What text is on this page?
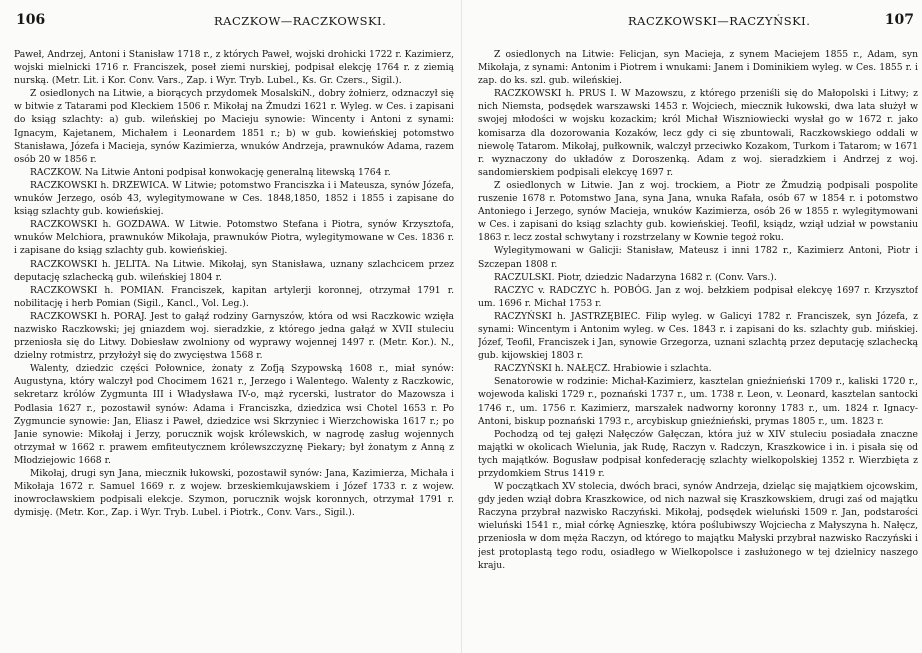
106	RACZKOW—RACZKOWSKI.

Paweł, Andrzej, Antoni i Stanisław 1718 r., z których Paweł, wojski drohicki 1722 r. Kazimierz, wojski mielnicki 1716 r. Franciszek, poseł ziemi nurskiej, podpisał elekcję 1764 r. z ziemią nurską. (Metr. Lit. i Kor. Conv. Vars., Zap. i Wyr. Tryb. Lubel., Ks. Gr. Czers., Sigil.).

Z osiedlonych na Litwie, a biorących przydomek MosalskiN., dobry żołnierz, odznaczył się w bitwie z Tatarami pod Kleckiem 1506 r. Mikołaj na Żmudzi 1621 r. Wyleg. w Ces. i zapisani do ksiąg szlachty: a) gub. wileńskiej po Macieju synowie: Wincenty i Antoni z synami: Ignacym, Kajetanem, Michałem i Leonardem 1851 r.; b) w gub. kowieńskiej potomstwo Stanisława, Józefa i Macieja, synów Kazimierza, wnuków Andrzeja, prawnuków Adama, razem osób 20 w 1856 r.

RACZKOW. Na Litwie Antoni podpisał konwokację generalną litewską 1764 r.

RACZKOWSKI h. DRZEWICA. W Litwie; potomstwo Franciszka i i Mateusza, synów Józefa, wnuków Jerzego, osób 43, wylegitymowane w Ces. 1848,1850, 1852 i 1855 i zapisane do ksiąg szlachty gub. kowieńskiej.

RACZKOWSKI h. GOZDAWA. W Litwie. Potomstwo Stefana i Piotra, synów Krzysztofa, wnuków Melchiora, prawnuków Mikołaja, prawnuków Piotra, wylegitymowane w Ces. 1836 r. i zapisane do ksiąg szlachty gub. kowieńskiej.

RACZKOWSKI h. JELITA. Na Litwie. Mikołaj, syn Stanisława, uznany szlachcicem przez deputację szlachecką gub. wileńskiej 1804 r.

RACZKOWSKI h. POMIAN. Franciszek, kapitan artylerji koronnej, otrzymał 1791 r. nobilitację i herb Pomian (Sigil., Kancl., Vol. Leg.).

RACZKOWSKI h. PORAJ. Jest to gałąź rodziny Garnyszów, która od wsi Raczkowic wzięła nazwisko Raczkowski; jej gniazdem woj. sieradzkie, z którego jedna gałąź w XVII stuleciu przeniosła się do Litwy. Dobiesław zwolniony od wyprawy wojennej 1497 r. (Metr. Kor.). N., dzielny rotmistrz, przyłożył się do zwycięstwa 1568 r.

Walenty, dziedzic części Połownice, żonaty z Zofją Szypowską 1608 r., miał synów: Augustyna, który walczył pod Chocimem 1621 r., Jerzego i Walentego. Walenty z Raczkowic, sekretarz królów Zygmunta III i Władysława IV-o, mąż rycerski, lustrator do Mazowsza i Podlasia 1627 r., pozostawił synów: Adama i Franciszka, dziedzica wsi Chotel 1653 r. Po Zygmuncie synowie: Jan, Eliasz i Paweł, dziedzice wsi Skrzyniec i Wierzchowiska 1617 r.; po Janie synowie: Mikołaj i Jerzy, porucznik wojsk królewskich, w nagrodę zasług wojennych otrzymał w 1662 r. prawem emfiteutycznem królewszczyznę Piekary; był żonatym z Anną z Młodziejowic 1668 r.

Mikołaj, drugi syn Jana, miecznik łukowski, pozostawił synów: Jana, Kazimierza, Michała i Mikołaja 1672 r. Samuel 1669 r. z wojew. brzeskiemkujawskiem i Józef 1733 r. z wojew. inowrocławskiem podpisali elekcje. Szymon, porucznik wojsk koronnych, otrzymał 1791 r. dymisję. (Metr. Kor., Zap. i Wyr. Tryb. Lubel. i Piotrk., Conv. Vars., Sigil.).

RACZKOWSKI—RACZYŃSKI.	107

Z osiedlonych na Litwie: Felicjan, syn Macieja, z synem Maciejem 1855 r., Adam, syn Mikołaja, z synami: Antonim i Piotrem i wnukami: Janem i Dominikiem wyleg. w Ces. 1855 r. i zap. do ks. szl. gub. wileńskiej.

RACZKOWSKI h. PRUS I. W Mazowszu, z którego przeniśli się do Małopolski i Litwy; z nich Niemsta, podsędek warszawski 1453 r. Wojciech, miecznik łukowski, dwa lata służył w swojej młodości w wojsku kozackim; król Michał Wiszniowiecki wysłał go w 1672 r. jako komisarza dla dozorowania Kozaków, lecz gdy ci się zbuntowali, Raczkowskiego oddali w niewolę Tatarom. Mikołaj, pułkownik, walczył przeciwko Kozakom, Turkom i Tatarom; w 1671 r. wyznaczony do układów z Doroszenką. Adam z woj. sieradzkiem i Andrzej z woj. sandomierskiem podpisali elekcyę 1697 r.

Z osiedlonych w Litwie. Jan z woj. trockiem, a Piotr ze Żmudzią podpisali pospolite ruszenie 1678 r. Potomstwo Jana, syna Jana, wnuka Rafała, osób 67 w 1854 r. i potomstwo Antoniego i Jerzego, synów Macieja, wnuków Kazimierza, osób 26 w 1855 r. wylegitymowani w Ces. i zapisani do ksiąg szlachty gub. kowieńskiej. Teofil, ksiądz, wziął udział w powstaniu 1863 r. lecz został schwytany i rozstrzelany w Kownie tegoż roku.

Wylegitymowani w Galicji: Stanisław, Mateusz i inni 1782 r., Kazimierz Antoni, Piotr i Szczepan 1808 r.

RACZULSKI. Piotr, dziedzic Nadarzyna 1682 r. (Conv. Vars.).

RACZYC v. RADCZYC h. POBÓG. Jan z woj. bełzkiem podpisał elekcyę 1697 r. Krzysztof um. 1696 r. Michał 1753 r.

RACZYŃSKI h. JASTRZĘBIEC. Filip wyleg. w Galicyi 1782 r. Franciszek, syn Józefa, z synami: Wincentym i Antonim wyleg. w Ces. 1843 r. i zapisani do ks. szlachty gub. mińskiej. Józef, Teofil, Franciszek i Jan, synowie Grzegorza, uznani szlachtą przez deputację szlachecką gub. kijowskiej 1803 r.

RACZYŃSKI h. NAŁĘCZ. Hrabiowie i szlachta.

Senatorowie w rodzinie: Michał-Kazimierz, kasztelan gnieźnieński 1709 r., kaliski 1720 r., wojewoda kaliski 1729 r., poznański 1737 r., um. 1738 r. Leon, v. Leonard, kasztelan santocki 1746 r., um. 1756 r. Kazimierz, marszałek nadworny koronny 1783 r., um. 1824 r. Ignacy-Antoni, biskup poznański 1793 r., arcybiskup gnieźnieński, prymas 1805 r., um. 1823 r.

Pochodzą od tej gałęzi Nałęczów Gałęczan, która już w XIV stuleciu posiadała znaczne majątki w okolicach Wielunia, jak Rudę, Raczyn v. Radczyn, Kraszkowice i in. i pisała się od tych majątków. Bogusław podpisał konfederację szlachty wielkopolskiej 1352 r. Wierzbięta z przydomkiem Strus 1419 r.

W początkach XV stolecia, dwóch braci, synów Andrzeja, dzieląc się majątkiem ojcowskim, gdy jeden wziął dobra Kraszkowice, od nich nazwał się Kraszkowskiem, drugi zaś od majątku Raczyna przybrał nazwisko Raczyński. Mikołaj, podsędek wieluński 1509 r. Jan, podstarości wieluński 1541 r., miał córkę Agnieszkę, która poślubiwszy Wojciecha z Małyszyna h. Nałęcz, przeniosła w dom męża Raczyn, od którego to majątku Małyski przybrał nazwisko Raczyński i jest protoplastą tego rodu, osiadłego w Wielkopolsce i zasłużonego w tej dzielnicy naszego kraju.
